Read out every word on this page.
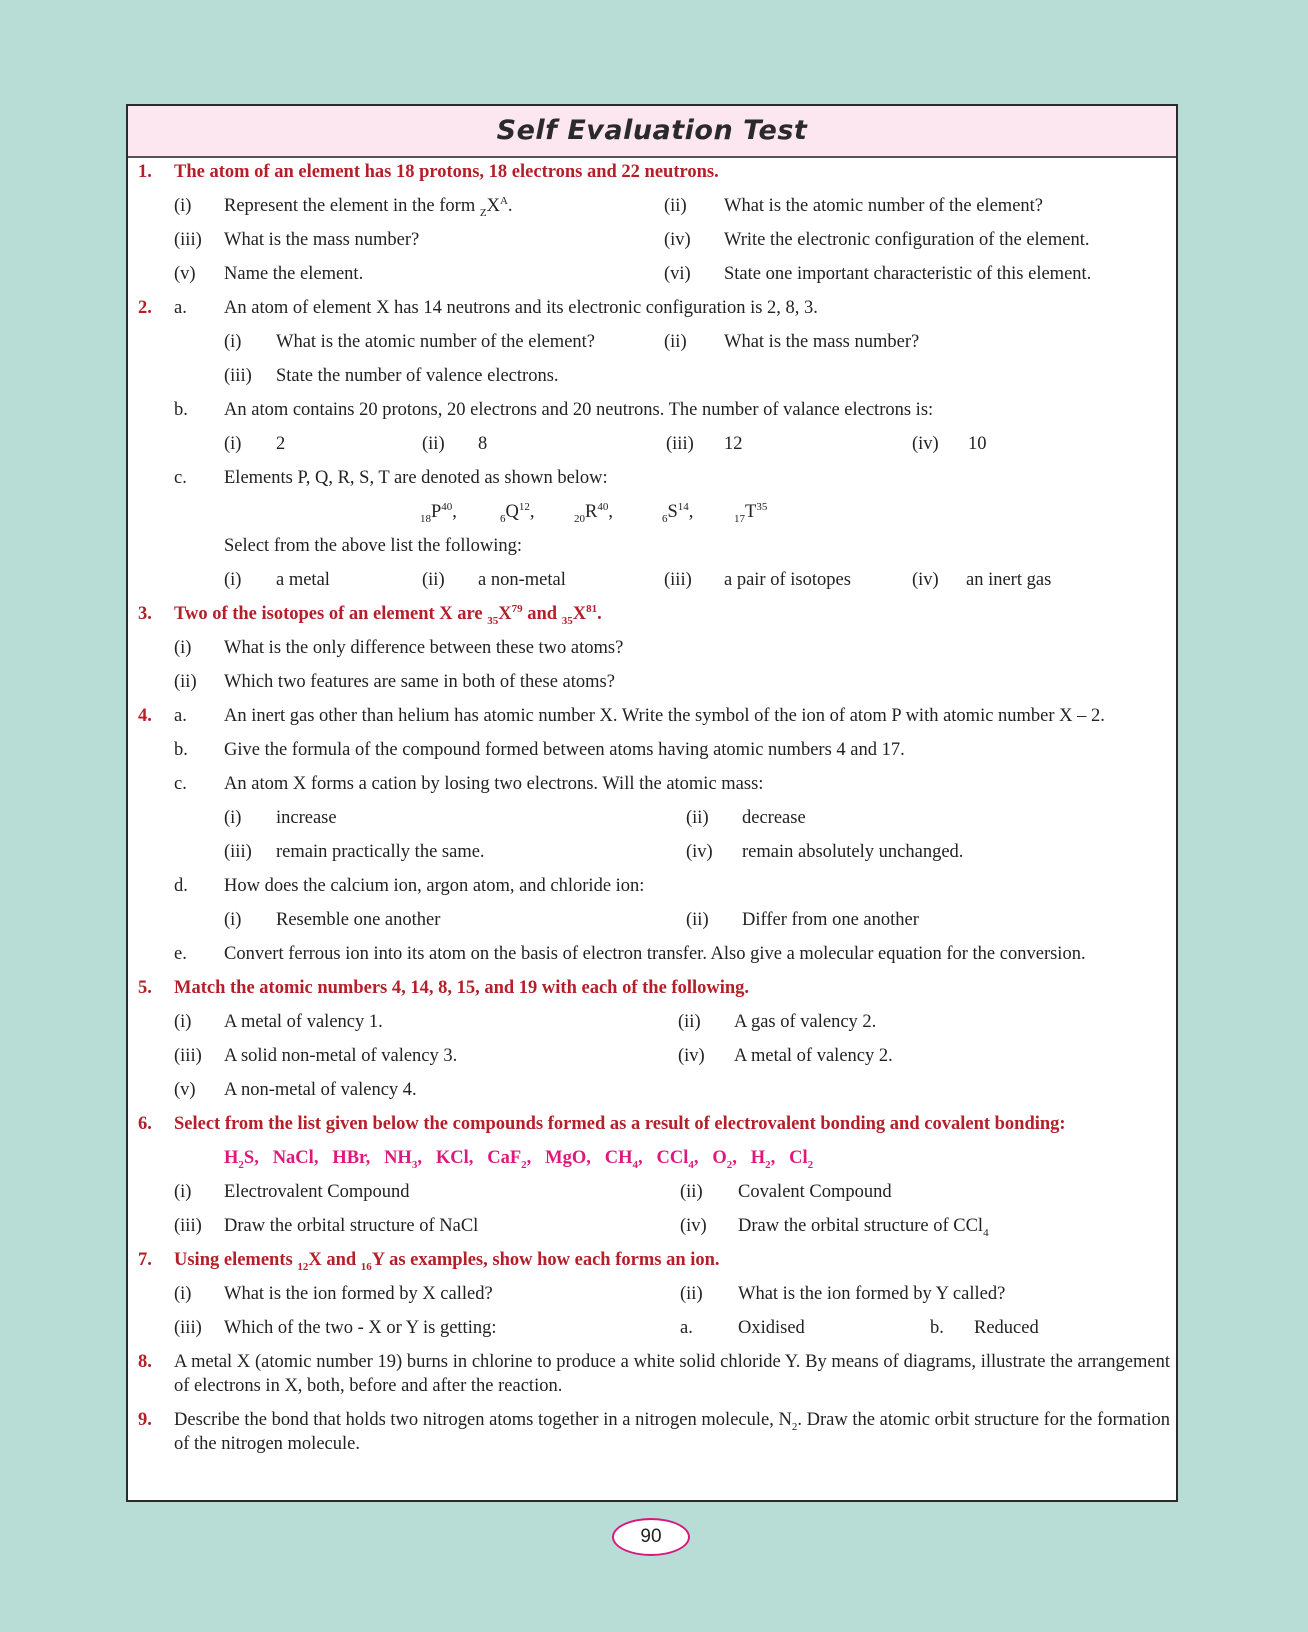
Self Evaluation Test
1. The atom of an element has 18 protons, 18 electrons and 22 neutrons.
(i) Represent the element in the form $_ZX^A$.	(ii) What is the atomic number of the element?
(iii) What is the mass number?	(iv) Write the electronic configuration of the element.
(v) Name the element.	(vi) State one important characteristic of this element.
2. a. An atom of element X has 14 neutrons and its electronic configuration is 2, 8, 3.
(i) What is the atomic number of the element?	(ii) What is the mass number?
(iii) State the number of valence electrons.
b. An atom contains 20 protons, 20 electrons and 20 neutrons. The number of valance electrons is:
(i) 2	(ii) 8	(iii) 12	(iv) 10
c. Elements P, Q, R, S, T are denoted as shown below:
$_{18}P^{40}$,	$_6Q^{12}$,	$_{20}R^{40}$,	$_6S^{14}$,	$_{17}T^{35}$
Select from the above list the following:
(i) a metal	(ii) a non-metal	(iii) a pair of isotopes	(iv) an inert gas
3. Two of the isotopes of an element X are $_{35}X^{79}$ and $_{35}X^{81}$.
(i) What is the only difference between these two atoms?
(ii) Which two features are same in both of these atoms?
4. a. An inert gas other than helium has atomic number X. Write the symbol of the ion of atom P with atomic number X – 2.
b. Give the formula of the compound formed between atoms having atomic numbers 4 and 17.
c. An atom X forms a cation by losing two electrons. Will the atomic mass:
(i) increase	(ii) decrease
(iii) remain practically the same.	(iv) remain absolutely unchanged.
d. How does the calcium ion, argon atom, and chloride ion:
(i) Resemble one another	(ii) Differ from one another
e. Convert ferrous ion into its atom on the basis of electron transfer. Also give a molecular equation for the conversion.
5. Match the atomic numbers 4, 14, 8, 15, and 19 with each of the following.
(i) A metal of valency 1.	(ii) A gas of valency 2.
(iii) A solid non-metal of valency 3.	(iv) A metal of valency 2.
(v) A non-metal of valency 4.
6. Select from the list given below the compounds formed as a result of electrovalent bonding and covalent bonding:
$H_2S$, NaCl, HBr, $NH_3$, KCl, CaF$_2$, MgO, $CH_4$, CCl$_4$, $O_2$, $H_2$, $Cl_2$
(i) Electrovalent Compound	(ii) Covalent Compound
(iii) Draw the orbital structure of NaCl	(iv) Draw the orbital structure of CCl$_4$
7. Using elements $_{12}$X and $_{16}$Y as examples, show how each forms an ion.
(i) What is the ion formed by X called?	(ii) What is the ion formed by Y called?
(iii) Which of the two - X or Y is getting:	a. Oxidised	b. Reduced
8. A metal X (atomic number 19) burns in chlorine to produce a white solid chloride Y. By means of diagrams, illustrate the arrangement of electrons in X, both, before and after the reaction.
9. Describe the bond that holds two nitrogen atoms together in a nitrogen molecule, $N_2$. Draw the atomic orbit structure for the formation of the nitrogen molecule.
90
